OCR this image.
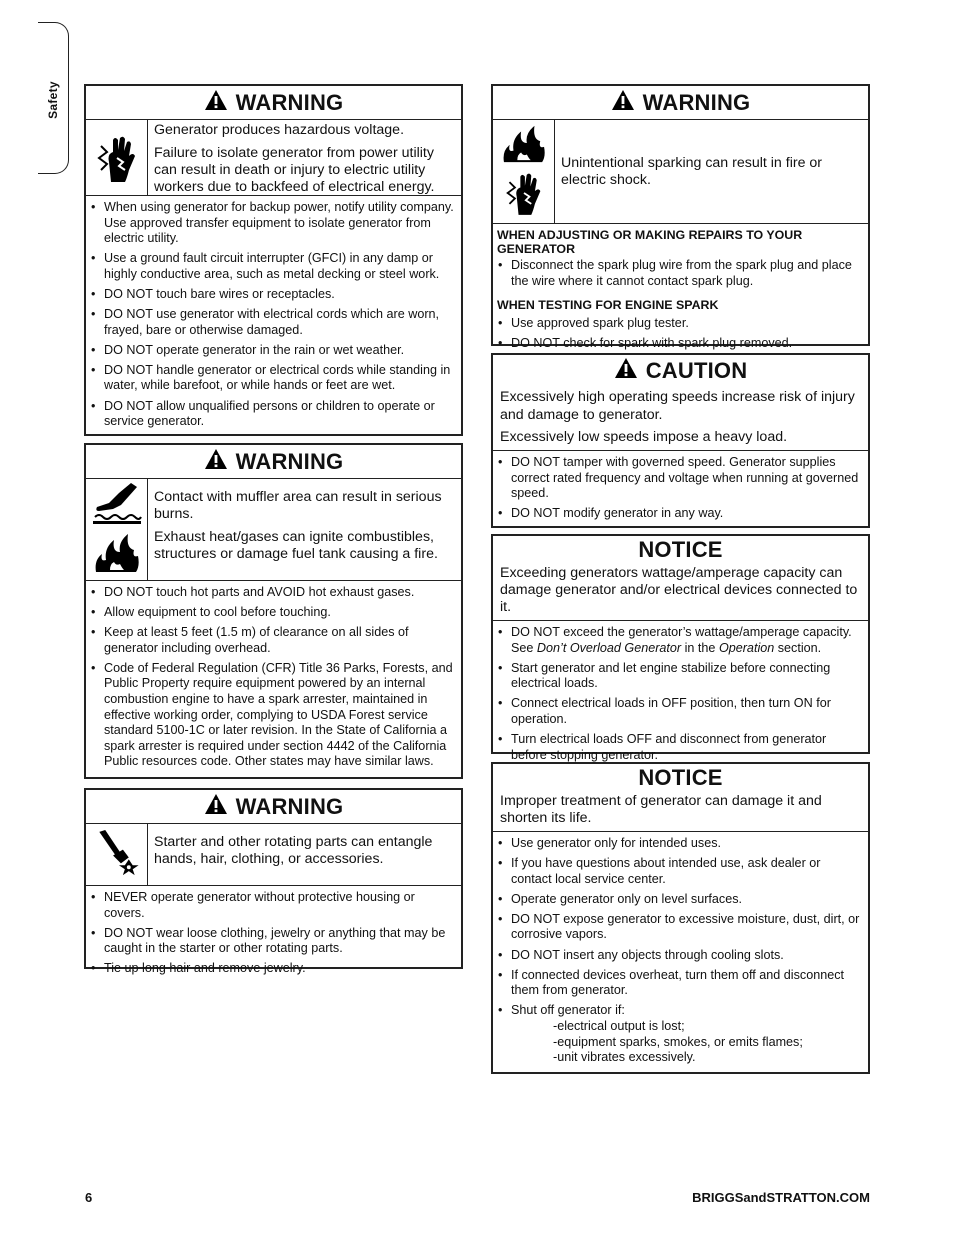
Safety	WARNING

Generator produces hazardous voltage.

Failure to isolate generator from power utility can result in death or injury to electric utility workers due to backfeed of electrical energy.

• When using generator for backup power, notify utility company. Use approved transfer equipment to isolate generator from electric utility.
• Use a ground fault circuit interrupter (GFCI) in any damp or highly conductive area, such as metal decking or steel work.
• DO NOT touch bare wires or receptacles.
• DO NOT use generator with electrical cords which are worn, frayed, bare or otherwise damaged.
• DO NOT operate generator in the rain or wet weather.
• DO NOT handle generator or electrical cords while standing in water, while barefoot, or while hands or feet are wet.
• DO NOT allow unqualified persons or children to operate or service generator.
WARNING

Contact with muffler area can result in serious burns.

Exhaust heat/gases can ignite combustibles, structures or damage fuel tank causing a fire.

• DO NOT touch hot parts and AVOID hot exhaust gases.
• Allow equipment to cool before touching.
• Keep at least 5 feet (1.5 m) of clearance on all sides of generator including overhead.
• Code of Federal Regulation (CFR) Title 36 Parks, Forests, and Public Property require equipment powered by an internal combustion engine to have a spark arrester, maintained in effective working order, complying to USDA Forest service standard 5100-1C or later revision. In the State of California a spark arrester is required under section 4442 of the California Public resources code. Other states may have similar laws.
WARNING

Starter and other rotating parts can entangle hands, hair, clothing, or accessories.

• NEVER operate generator without protective housing or covers.
• DO NOT wear loose clothing, jewelry or anything that may be caught in the starter or other rotating parts.
• Tie up long hair and remove jewelry.
WARNING

Unintentional sparking can result in fire or electric shock.

WHEN ADJUSTING OR MAKING REPAIRS TO YOUR GENERATOR
• Disconnect the spark plug wire from the spark plug and place the wire where it cannot contact spark plug.
WHEN TESTING FOR ENGINE SPARK
• Use approved spark plug tester.
• DO NOT check for spark with spark plug removed.
CAUTION

Excessively high operating speeds increase risk of injury and damage to generator.

Excessively low speeds impose a heavy load.

• DO NOT tamper with governed speed. Generator supplies correct rated frequency and voltage when running at governed speed.
• DO NOT modify generator in any way.
NOTICE

Exceeding generators wattage/amperage capacity can damage generator and/or electrical devices connected to it.

• DO NOT exceed the generator’s wattage/amperage capacity. See Don’t Overload Generator in the Operation section.
• Start generator and let engine stabilize before connecting electrical loads.
• Connect electrical loads in OFF position, then turn ON for operation.
• Turn electrical loads OFF and disconnect from generator before stopping generator.
NOTICE

Improper treatment of generator can damage it and shorten its life.

• Use generator only for intended uses.
• If you have questions about intended use, ask dealer or contact local service center.
• Operate generator only on level surfaces.
• DO NOT expose generator to excessive moisture, dust, dirt, or corrosive vapors.
• DO NOT insert any objects through cooling slots.
• If connected devices overheat, turn them off and disconnect them from generator.
• Shut off generator if:
-electrical output is lost;
-equipment sparks, smokes, or emits flames;
-unit vibrates excessively.
6	BRIGGSandSTRATTON.COM
